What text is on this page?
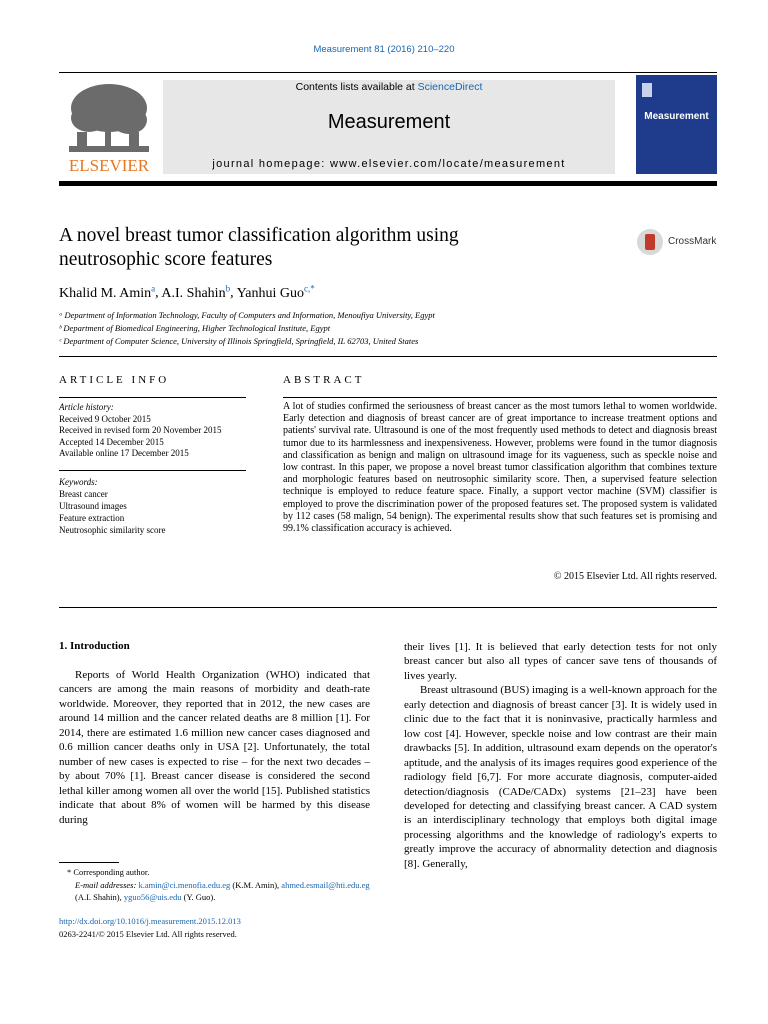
Measurement 81 (2016) 210–220
ELSEVIER
Contents lists available at ScienceDirect
Measurement
journal homepage: www.elsevier.com/locate/measurement
Measurement
A novel breast tumor classification algorithm using
neutrosophic score features
CrossMark
Khalid M. Amin$^a$, A.I. Shahin$^b$, Yanhui Guo$^{c,*}$
ᵃ Department of Information Technology, Faculty of Computers and Information, Menoufiya University, Egypt
ᵇ Department of Biomedical Engineering, Higher Technological Institute, Egypt
ᶜ Department of Computer Science, University of Illinois Springfield, Springfield, IL 62703, United States
ARTICLE INFO	ABSTRACT
Article history:
Received 9 October 2015
Received in revised form 20 November 2015
Accepted 14 December 2015
Available online 17 December 2015
Keywords:
Breast cancer
Ultrasound images
Feature extraction
Neutrosophic similarity score
A lot of studies confirmed the seriousness of breast cancer as the most tumors lethal to women worldwide. Early detection and diagnosis of breast cancer are of great importance to increase treatment options and patients' survival rate. Ultrasound is one of the most frequently used methods to detect and diagnosis breast tumor due to its harmlessness and inexpensiveness. However, problems were found in the tumor diagnosis and classification as benign and malign on ultrasound image for its vagueness, such as speckle noise and low contrast. In this paper, we propose a novel breast tumor classification algorithm that combines texture and morphologic features based on neutrosophic similarity score. Then, a supervised feature selection technique is employed to reduce feature space. Finally, a support vector machine (SVM) classifier is employed to prove the discrimination power of the proposed features set. The proposed system is validated by 112 cases (58 malign, 54 benign). The experimental results show that such features set is promising and 99.1% classification accuracy is achieved.
© 2015 Elsevier Ltd. All rights reserved.
1. Introduction

Reports of World Health Organization (WHO) indicated that cancers are among the main reasons of morbidity and death-rate worldwide. Moreover, they reported that in 2012, the new cases are around 14 million and the cancer related deaths are 8 million [1]. For 2014, there are estimated 1.6 million new cancer cases diagnosed and 0.6 million cancer deaths only in USA [2]. Unfortunately, the total number of new cases is expected to rise – for the next two decades – by about 70% [1]. Breast cancer disease is considered the second lethal killer among women all over the world [15]. Published statistics indicate that about 8% of women will be harmed by this disease during

their lives [1]. It is believed that early detection tests for not only breast cancer but also all types of cancer save tens of thousands of lives yearly.

Breast ultrasound (BUS) imaging is a well-known approach for the early detection and diagnosis of breast cancer [3]. It is widely used in clinic due to the fact that it is noninvasive, practically harmless and low cost [4]. However, speckle noise and low contrast are their main drawbacks [5]. In addition, ultrasound exam depends on the operator's aptitude, and the analysis of its images requires good experience of the radiology field [6,7]. For more accurate diagnosis, computer-aided detection/diagnosis (CADe/CADx) systems [21–23] have been developed for detecting and classifying breast cancer. A CAD system is an interdisciplinary technology that employs both digital image processing algorithms and the knowledge of radiology's experts to greatly improve the accuracy of abnormality detection and diagnosis [8]. Generally,

* Corresponding author.
E-mail addresses: k.amin@ci.menofia.edu.eg (K.M. Amin), ahmed.esmail@hti.edu.eg (A.I. Shahin), yguo56@uis.edu (Y. Guo).
http://dx.doi.org/10.1016/j.measurement.2015.12.013
0263-2241/© 2015 Elsevier Ltd. All rights reserved.
